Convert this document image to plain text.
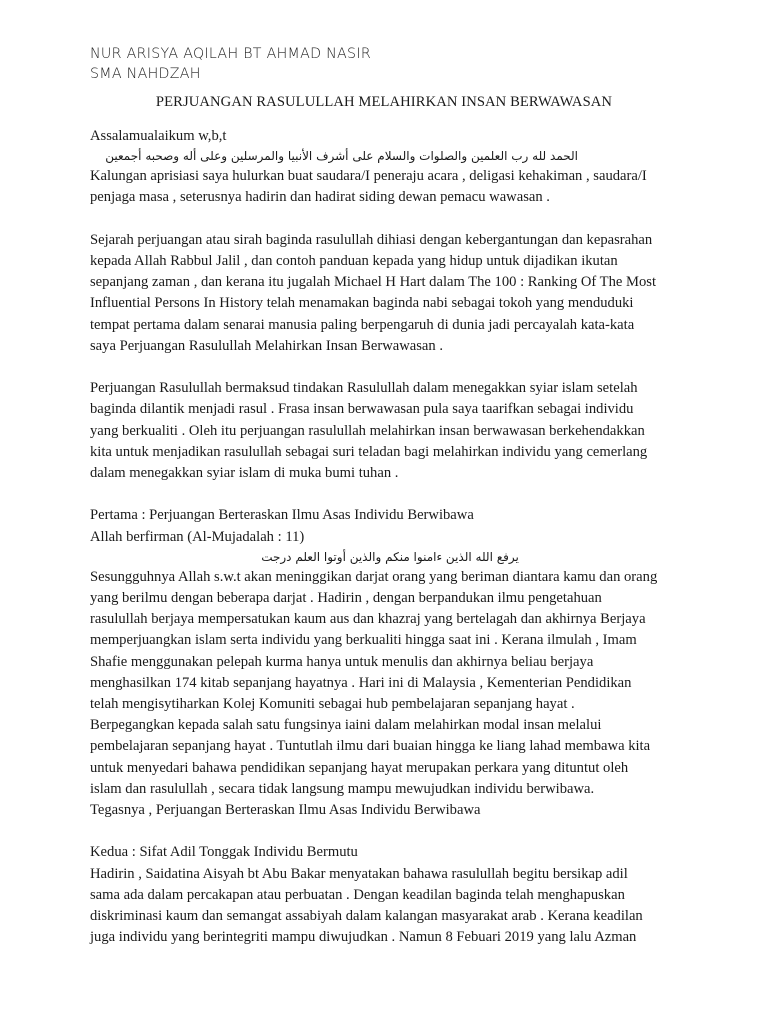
NUR ARISYA AQILAH BT AHMAD NASIR
SMA NAHDZAH
PERJUANGAN RASULULLAH MELAHIRKAN INSAN BERWAWASAN

Assalamualaikum w,b,t

الحمد لله رب العلمين والصلوات والسلام على أشرف الأنبيا والمرسلين وعلى أله وصحبه أجمعين

Kalungan aprisiasi saya hulurkan buat saudara/I peneraju acara , deligasi kehakiman , saudara/I

penjaga masa , seterusnya hadirin dan hadirat siding dewan pemacu wawasan .

Sejarah perjuangan atau sirah baginda rasulullah dihiasi dengan kebergantungan dan kepasrahan

kepada Allah Rabbul Jalil , dan contoh panduan kepada yang hidup untuk dijadikan ikutan

sepanjang zaman , dan kerana itu jugalah Michael H Hart dalam The 100 : Ranking Of The Most

Influential Persons In History telah menamakan baginda nabi sebagai tokoh yang menduduki

tempat pertama dalam senarai manusia paling berpengaruh di dunia jadi percayalah kata-kata

saya Perjuangan Rasulullah Melahirkan Insan Berwawasan .

Perjuangan Rasulullah bermaksud tindakan Rasulullah dalam menegakkan syiar islam setelah

baginda dilantik menjadi rasul . Frasa insan berwawasan pula saya taarifkan sebagai individu

yang berkualiti . Oleh itu perjuangan rasulullah melahirkan insan berwawasan berkehendakkan

kita untuk menjadikan rasulullah sebagai suri teladan bagi melahirkan individu yang cemerlang

dalam menegakkan syiar islam di muka bumi tuhan .

Pertama : Perjuangan Berteraskan Ilmu Asas Individu Berwibawa

Allah berfirman (Al-Mujadalah : 11)

يرفع الله الذين ءامنوا منكم والذين أوتوا العلم درجت

Sesungguhnya Allah s.w.t akan meninggikan darjat orang yang beriman diantara kamu dan orang

yang berilmu dengan beberapa darjat . Hadirin , dengan berpandukan ilmu pengetahuan

rasulullah berjaya mempersatukan kaum aus dan khazraj yang bertelagah dan akhirnya Berjaya

memperjuangkan islam serta individu yang berkualiti hingga saat ini . Kerana ilmulah , Imam

Shafie menggunakan pelepah kurma hanya untuk menulis dan akhirnya beliau berjaya

menghasilkan 174 kitab sepanjang hayatnya . Hari ini di Malaysia , Kementerian Pendidikan

telah mengisytiharkan Kolej Komuniti sebagai hub pembelajaran sepanjang hayat .

Berpegangkan kepada salah satu fungsinya iaini dalam melahirkan modal insan melalui

pembelajaran sepanjang hayat . Tuntutlah ilmu dari buaian hingga ke liang lahad membawa kita

untuk menyedari bahawa pendidikan sepanjang hayat merupakan perkara yang dituntut oleh

islam dan rasulullah , secara tidak langsung mampu mewujudkan individu berwibawa.

Tegasnya , Perjuangan Berteraskan Ilmu Asas Individu Berwibawa

Kedua : Sifat Adil Tonggak Individu Bermutu

Hadirin , Saidatina Aisyah bt Abu Bakar menyatakan bahawa rasulullah begitu bersikap adil

sama ada dalam percakapan atau perbuatan . Dengan keadilan baginda telah menghapuskan

diskriminasi kaum dan semangat assabiyah dalam kalangan masyarakat arab . Kerana keadilan

juga individu yang berintegriti mampu diwujudkan . Namun 8 Febuari 2019 yang lalu Azman
